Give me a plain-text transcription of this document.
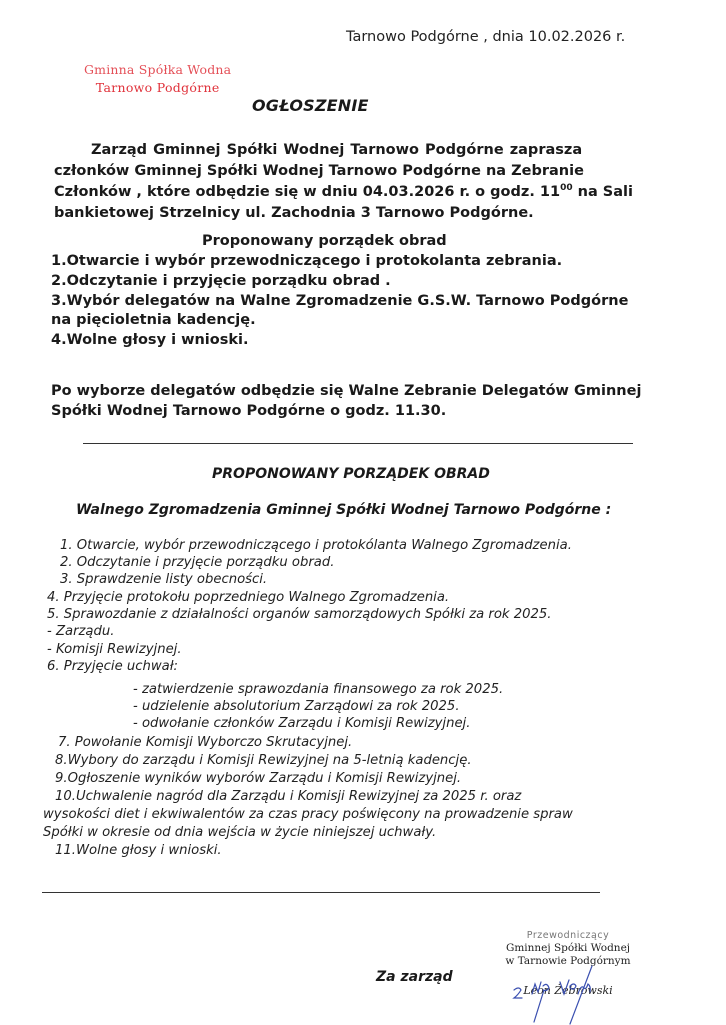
Tarnowo Podgórne , dnia 10.02.2026 r.
Gminna Spółka Wodna
Tarnowo Podgórne
OGŁOSZENIE
Zarząd Gminnej Spółki Wodnej Tarnowo Podgórne zaprasza
członków Gminnej Spółki Wodnej Tarnowo Podgórne na Zebranie
Członków , które odbędzie się w dniu 04.03.2026 r. o godz. $11^{00}$ na Sali
bankietowej Strzelnicy ul. Zachodnia 3 Tarnowo Podgórne.
Proponowany porządek obrad
1.Otwarcie i wybór przewodniczącego i protokolanta zebrania.
2.Odczytanie i przyjęcie porządku obrad .
3.Wybór delegatów na Walne Zgromadzenie G.S.W. Tarnowo Podgórne
na pięcioletnia kadencję.
4.Wolne głosy i wnioski.
Po wyborze delegatów odbędzie się Walne Zebranie Delegatów Gminnej
Spółki Wodnej Tarnowo Podgórne o godz. 11.30.
PROPONOWANY PORZĄDEK OBRAD
Walnego Zgromadzenia Gminnej Spółki Wodnej Tarnowo Podgórne :
1. Otwarcie, wybór przewodniczącego i protokólanta Walnego Zgromadzenia.
2. Odczytanie i przyjęcie porządku obrad.
3. Sprawdzenie listy obecności.
4. Przyjęcie protokołu poprzedniego Walnego Zgromadzenia.
5. Sprawozdanie z działalności organów samorządowych Spółki za rok 2025.
- Zarządu.
- Komisji Rewizyjnej.
6. Przyjęcie uchwał:
- zatwierdzenie sprawozdania finansowego za rok 2025.
- udzielenie absolutorium Zarządowi za rok 2025.
- odwołanie członków Zarządu i Komisji Rewizyjnej.
7. Powołanie Komisji Wyborczo Skrutacyjnej.
8.Wybory do zarządu i Komisji Rewizyjnej na 5-letnią kadencję.
9.Ogłoszenie wyników wyborów Zarządu i Komisji Rewizyjnej.
10.Uchwalenie nagród dla Zarządu i Komisji Rewizyjnej za 2025 r. oraz
wysokości diet i ekwiwalentów za czas pracy poświęcony na prowadzenie spraw
Spółki w okresie od dnia wejścia w życie niniejszej uchwały.
11.Wolne głosy i wnioski.
Za zarząd
Przewodniczący
Gminnej Spółki Wodnej
w Tarnowie Podgórnym
Leon Żebrowski
